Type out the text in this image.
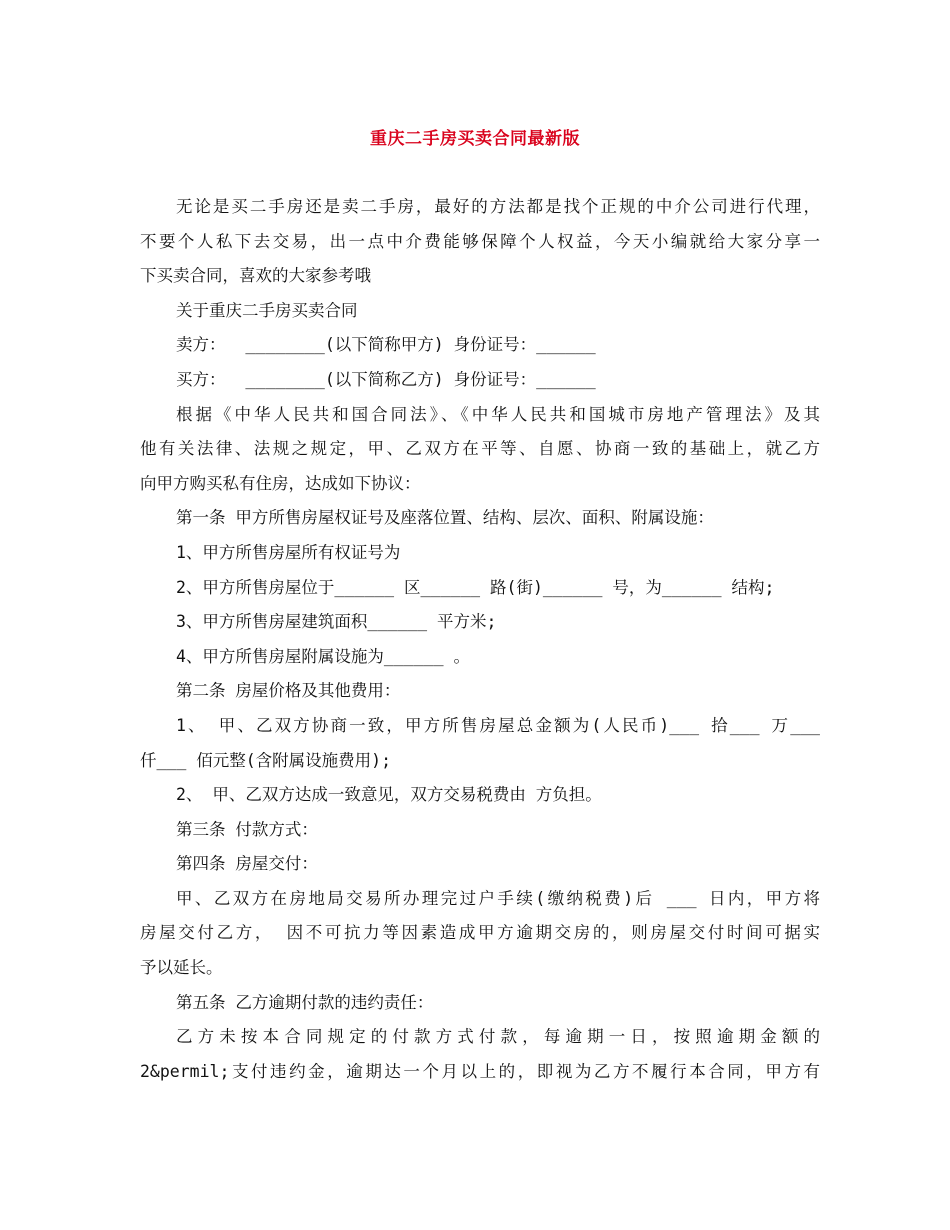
重庆二手房买卖合同最新版
无论是买二手房还是卖二手房，最好的方法都是找个正规的中介公司进行代理，
不要个人私下去交易，出一点中介费能够保障个人权益，今天小编就给大家分享一
下买卖合同，喜欢的大家参考哦
关于重庆二手房买卖合同
卖方：  ________(以下简称甲方) 身份证号：______
买方：  ________(以下简称乙方) 身份证号：______
根据《中华人民共和国合同法》、《中华人民共和国城市房地产管理法》及其
他有关法律、法规之规定，甲、乙双方在平等、自愿、协商一致的基础上，就乙方
向甲方购买私有住房，达成如下协议：
第一条 甲方所售房屋权证号及座落位置、结构、层次、面积、附属设施：
1、甲方所售房屋所有权证号为
2、甲方所售房屋位于______ 区______ 路(街)______ 号，为______ 结构;
3、甲方所售房屋建筑面积______ 平方米;
4、甲方所售房屋附属设施为______ 。
第二条 房屋价格及其他费用：
1、 甲、乙双方协商一致，甲方所售房屋总金额为(人民币)___ 拾___ 万___
仟___ 佰元整(含附属设施费用);
2、 甲、乙双方达成一致意见，双方交易税费由 方负担。
第三条 付款方式：
第四条 房屋交付：
甲、乙双方在房地局交易所办理完过户手续(缴纳税费)后 ___ 日内，甲方将
房屋交付乙方， 因不可抗力等因素造成甲方逾期交房的，则房屋交付时间可据实
予以延长。
第五条 乙方逾期付款的违约责任：
乙方未按本合同规定的付款方式付款，每逾期一日，按照逾期金额的
2&permil;支付违约金，逾期达一个月以上的，即视为乙方不履行本合同，甲方有
